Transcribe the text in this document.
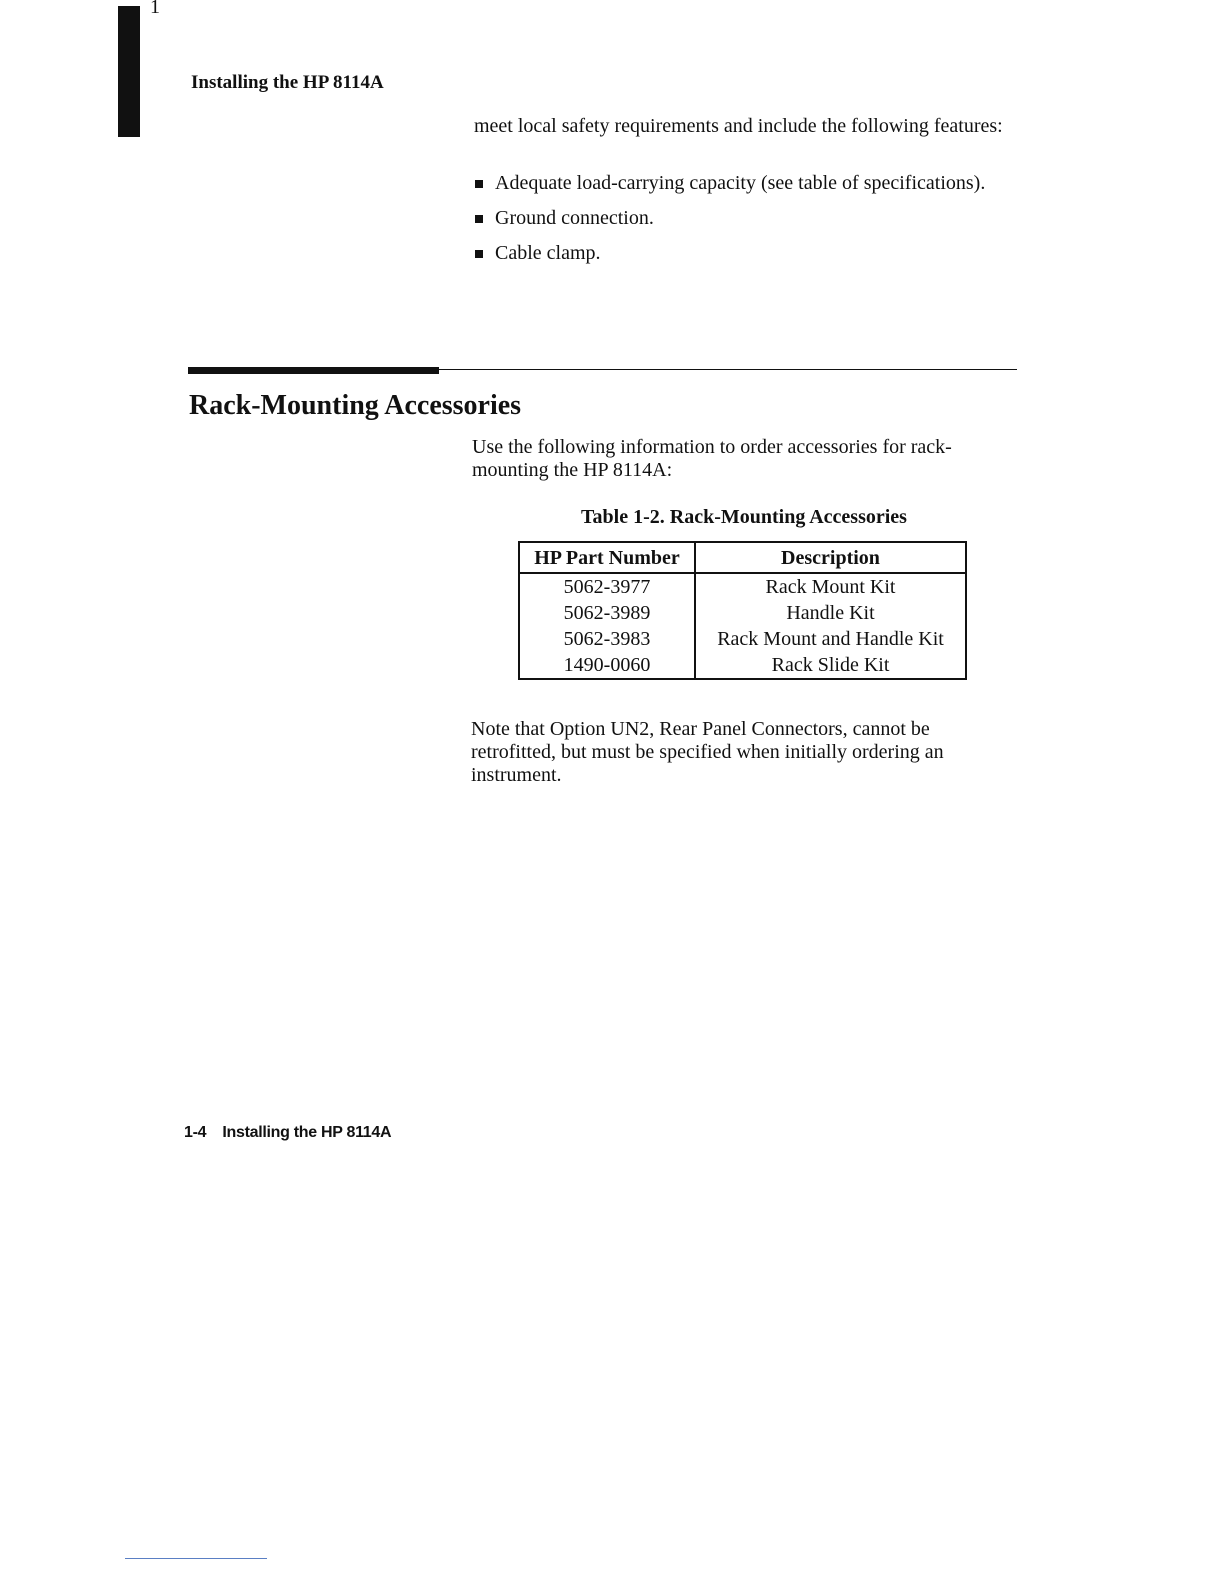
1
Installing the HP 8114A

meet local safety requirements and include the following features:

Adequate load-carrying capacity (see table of specifications).
Ground connection.
Cable clamp.
Rack-Mounting Accessories

Use the following information to order accessories for rack-mounting the HP 8114A:

Table 1-2. Rack-Mounting Accessories
HP Part Number	Description
5062-3977	Rack Mount Kit
5062-3989	Handle Kit
5062-3983	Rack Mount and Handle Kit
1490-0060	Rack Slide Kit

Note that Option UN2, Rear Panel Connectors, cannot be retrofitted, but must be specified when initially ordering an instrument.

1-4 Installing the HP 8114A
